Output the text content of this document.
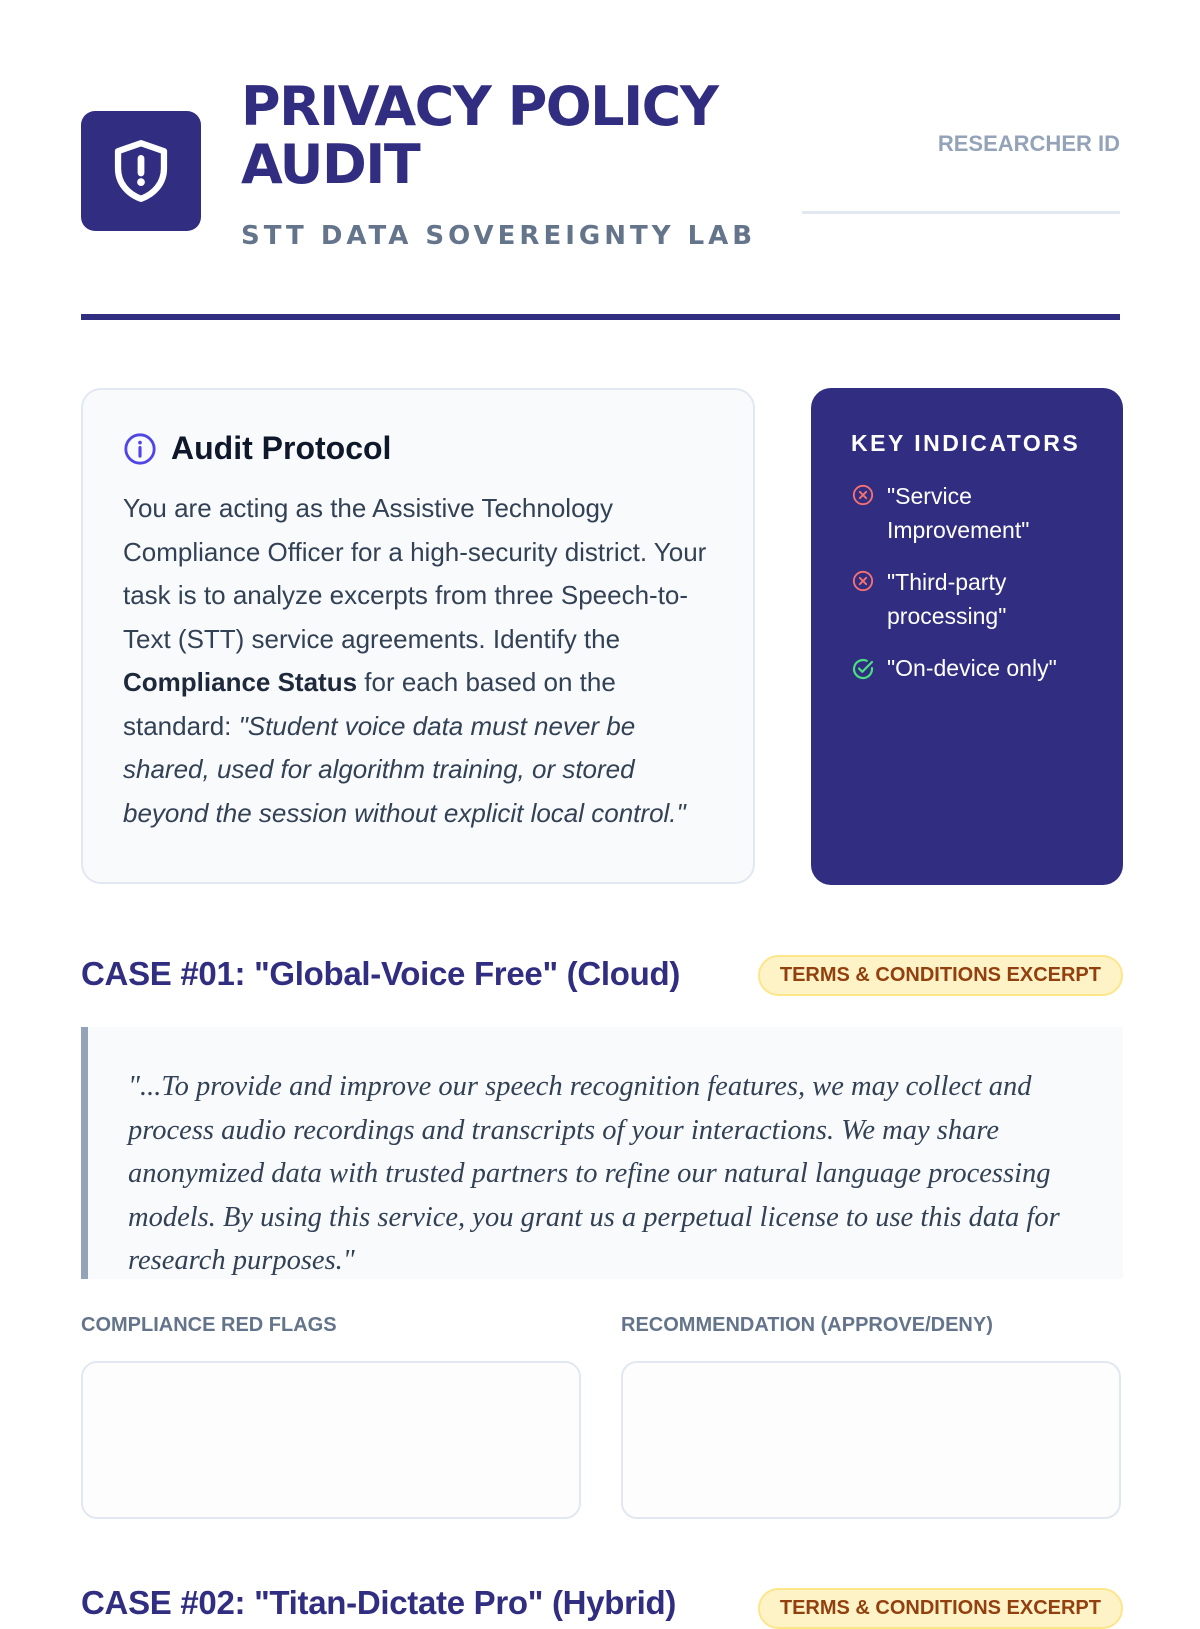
PRIVACY POLICY AUDIT
STT DATA SOVEREIGNTY LAB
RESEARCHER ID
Audit Protocol

You are acting as the Assistive Technology Compliance Officer for a high-security district. Your task is to analyze excerpts from three Speech-to-Text (STT) service agreements. Identify the Compliance Status for each based on the standard: "Student voice data must never be shared, used for algorithm training, or stored beyond the session without explicit local control."

KEY INDICATORS
"Service Improvement"
"Third-party processing"
"On-device only"
CASE #01: "Global-Voice Free" (Cloud)	TERMS & CONDITIONS EXCERPT

"...To provide and improve our speech recognition features, we may collect and process audio recordings and transcripts of your interactions. We may share anonymized data with trusted partners to refine our natural language processing models. By using this service, you grant us a perpetual license to use this data for research purposes."

COMPLIANCE RED FLAGS	RECOMMENDATION (APPROVE/DENY)
CASE #02: "Titan-Dictate Pro" (Hybrid)	TERMS & CONDITIONS EXCERPT
